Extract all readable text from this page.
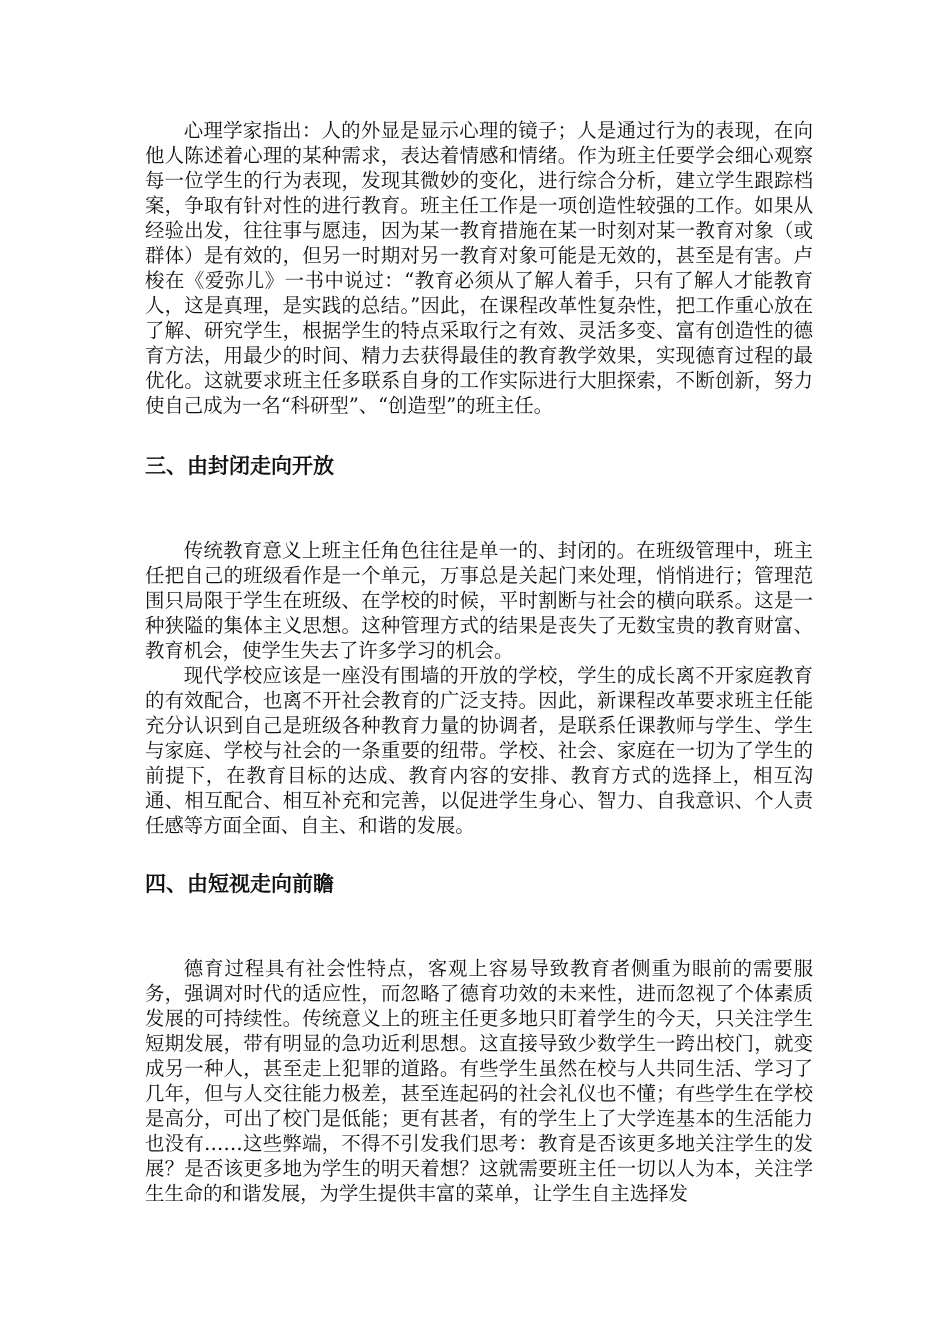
心理学家指出：人的外显是显示心理的镜子；人是通过行为的表现，在向他人陈述着心理的某种需求，表达着情感和情绪。作为班主任要学会细心观察每一位学生的行为表现，发现其微妙的变化，进行综合分析，建立学生跟踪档案，争取有针对性的进行教育。班主任工作是一项创造性较强的工作。如果从经验出发，往往事与愿违，因为某一教育措施在某一时刻对某一教育对象（或群体）是有效的，但另一时期对另一教育对象可能是无效的，甚至是有害。卢梭在《爱弥儿》一书中说过：“教育必须从了解人着手，只有了解人才能教育人，这是真理，是实践的总结。”因此，在课程改革性复杂性，把工作重心放在了解、研究学生，根据学生的特点采取行之有效、灵活多变、富有创造性的德育方法，用最少的时间、精力去获得最佳的教育教学效果，实现德育过程的最优化。这就要求班主任多联系自身的工作实际进行大胆探索，不断创新，努力使自己成为一名“科研型”、“创造型”的班主任。

三、由封闭走向开放

传统教育意义上班主任角色往往是单一的、封闭的。在班级管理中，班主任把自己的班级看作是一个单元，万事总是关起门来处理，悄悄进行；管理范围只局限于学生在班级、在学校的时候，平时割断与社会的横向联系。这是一种狭隘的集体主义思想。这种管理方式的结果是丧失了无数宝贵的教育财富、教育机会，使学生失去了许多学习的机会。

现代学校应该是一座没有围墙的开放的学校，学生的成长离不开家庭教育的有效配合，也离不开社会教育的广泛支持。因此，新课程改革要求班主任能充分认识到自己是班级各种教育力量的协调者，是联系任课教师与学生、学生与家庭、学校与社会的一条重要的纽带。学校、社会、家庭在一切为了学生的前提下，在教育目标的达成、教育内容的安排、教育方式的选择上，相互沟通、相互配合、相互补充和完善，以促进学生身心、智力、自我意识、个人责任感等方面全面、自主、和谐的发展。

四、由短视走向前瞻

德育过程具有社会性特点，客观上容易导致教育者侧重为眼前的需要服务，强调对时代的适应性，而忽略了德育功效的未来性，进而忽视了个体素质发展的可持续性。传统意义上的班主任更多地只盯着学生的今天，只关注学生短期发展，带有明显的急功近利思想。这直接导致少数学生一跨出校门，就变成另一种人，甚至走上犯罪的道路。有些学生虽然在校与人共同生活、学习了几年，但与人交往能力极差，甚至连起码的社会礼仪也不懂；有些学生在学校是高分，可出了校门是低能；更有甚者，有的学生上了大学连基本的生活能力也没有……这些弊端，不得不引发我们思考：教育是否该更多地关注学生的发展？是否该更多地为学生的明天着想？这就需要班主任一切以人为本，关注学生生命的和谐发展，为学生提供丰富的菜单，让学生自主选择发
